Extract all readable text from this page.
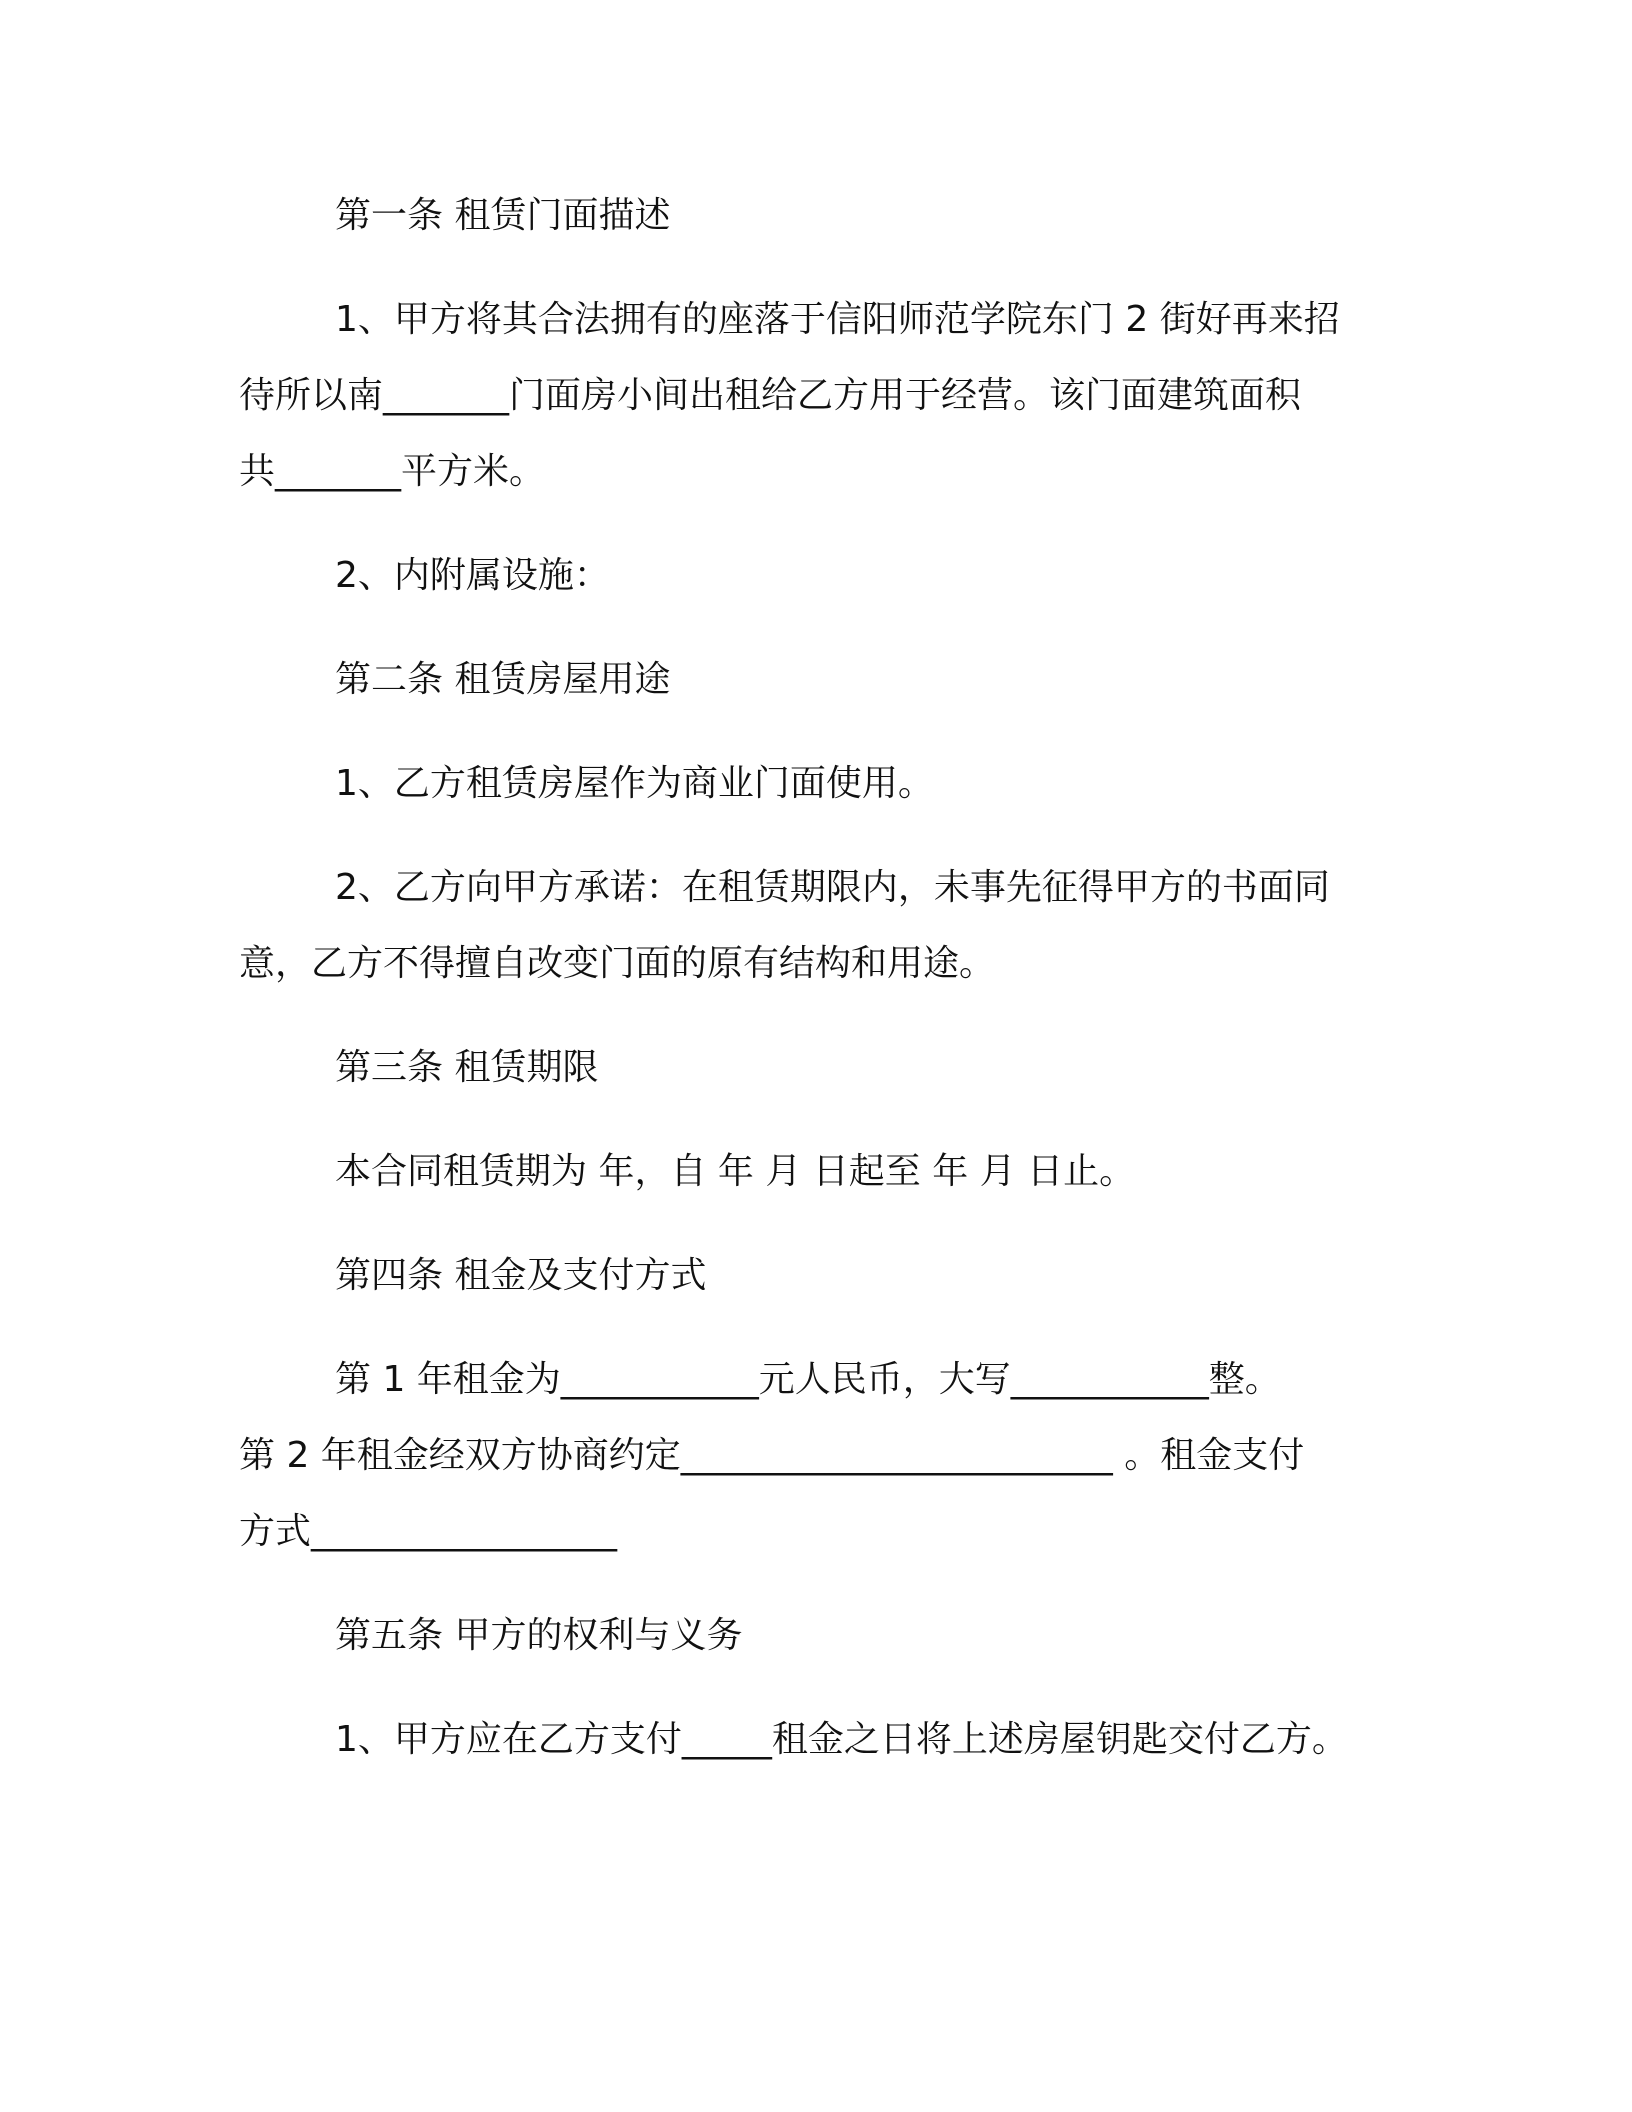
第一条 租赁门面描述

1、甲方将其合法拥有的座落于信阳师范学院东门 2 街好再来招
待所以南_______门面房小间出租给乙方用于经营。该门面建筑面积
共_______平方米。

2、内附属设施：

第二条 租赁房屋用途

1、乙方租赁房屋作为商业门面使用。

2、乙方向甲方承诺：在租赁期限内，未事先征得甲方的书面同
意，乙方不得擅自改变门面的原有结构和用途。

第三条 租赁期限

本合同租赁期为 年，自 年 月 日起至 年 月 日止。

第四条 租金及支付方式

第 1 年租金为___________元人民币，大写___________整。
第 2 年租金经双方协商约定________________________ 。租金支付
方式_________________

第五条 甲方的权利与义务

1、甲方应在乙方支付_____租金之日将上述房屋钥匙交付乙方。
